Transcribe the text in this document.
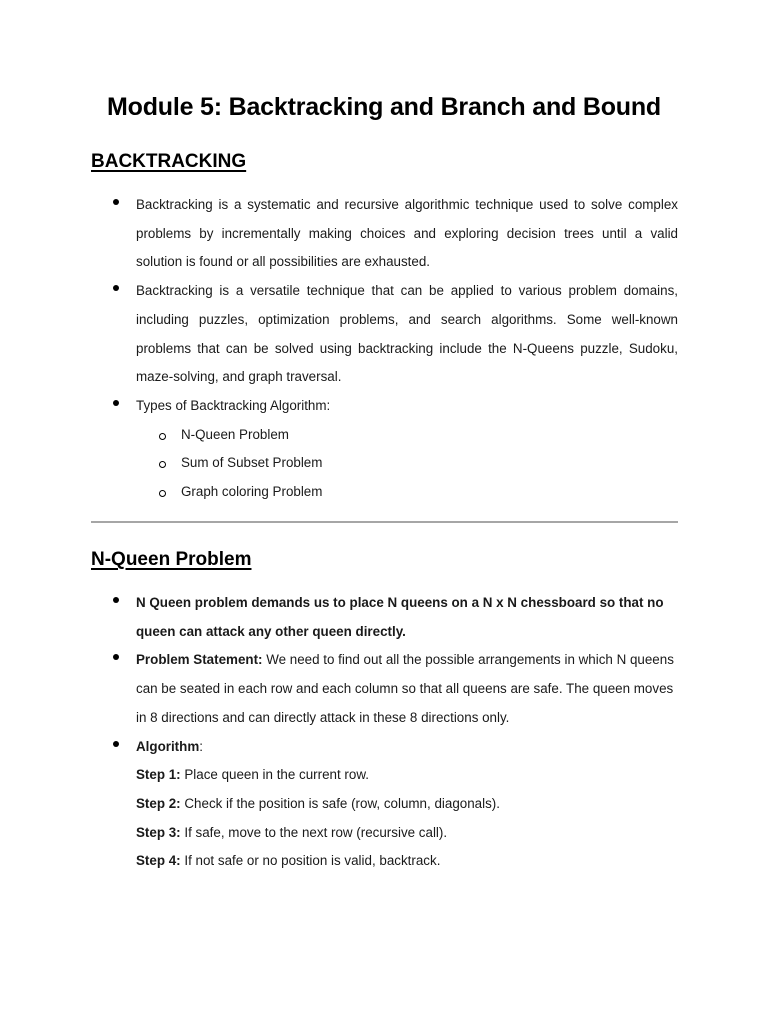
Module 5: Backtracking and Branch and Bound
BACKTRACKING

Backtracking is a systematic and recursive algorithmic technique used to solve complex problems by incrementally making choices and exploring decision trees until a valid solution is found or all possibilities are exhausted.

Backtracking is a versatile technique that can be applied to various problem domains, including puzzles, optimization problems, and search algorithms. Some well-known problems that can be solved using backtracking include the N-Queens puzzle, Sudoku, maze-solving, and graph traversal.

Types of Backtracking Algorithm:

N-Queen Problem
Sum of Subset Problem
Graph coloring Problem
N-Queen Problem

N Queen problem demands us to place N queens on a N x N chessboard so that no queen can attack any other queen directly.

Problem Statement: We need to find out all the possible arrangements in which N queens can be seated in each row and each column so that all queens are safe. The queen moves in 8 directions and can directly attack in these 8 directions only.

Algorithm:

Step 1: Place queen in the current row.

Step 2: Check if the position is safe (row, column, diagonals).

Step 3: If safe, move to the next row (recursive call).

Step 4: If not safe or no position is valid, backtrack.
